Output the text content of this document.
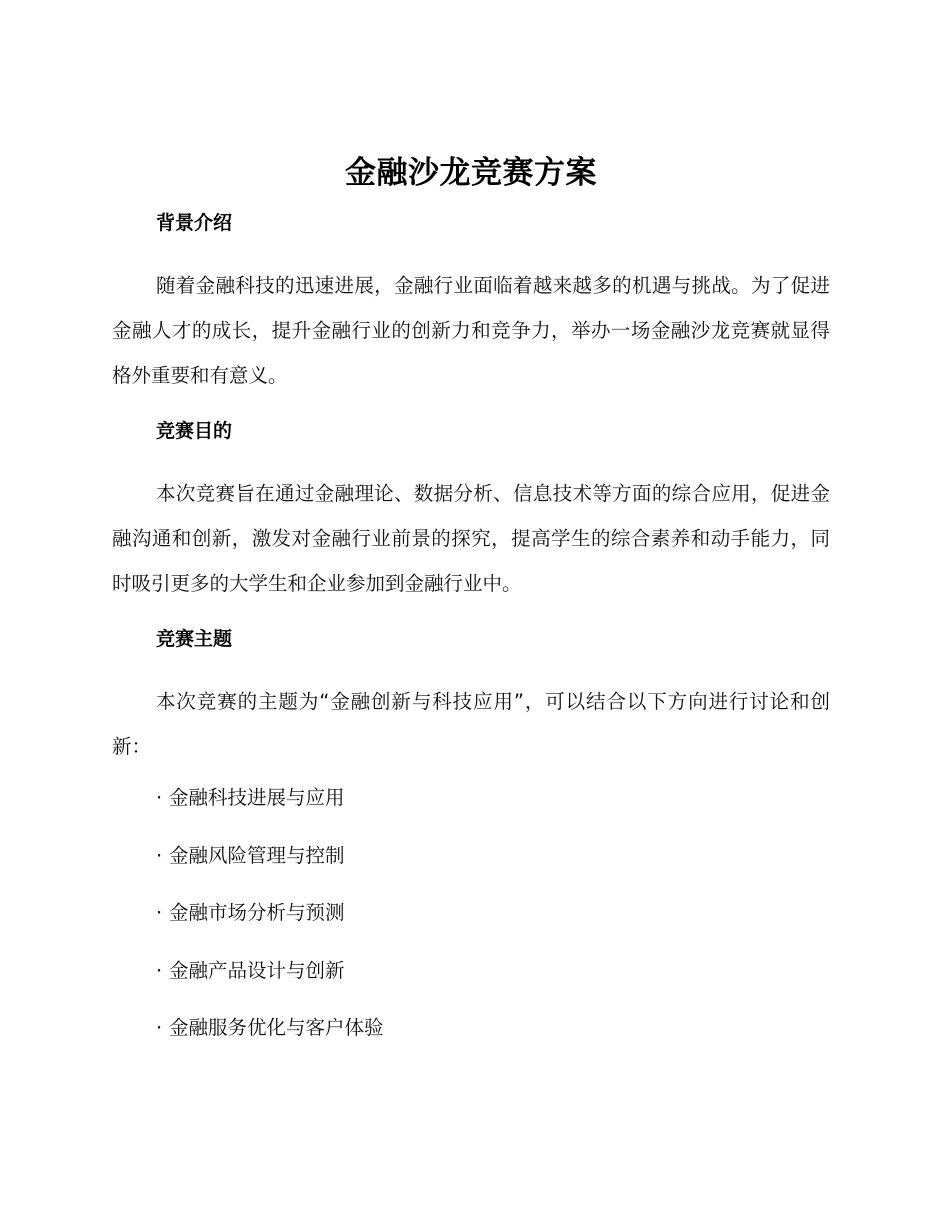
金融沙龙竞赛方案
背景介绍

随着金融科技的迅速进展，金融行业面临着越来越多的机遇与挑战。为了促进金融人才的成长，提升金融行业的创新力和竞争力，举办一场金融沙龙竞赛就显得格外重要和有意义。

竞赛目的

本次竞赛旨在通过金融理论、数据分析、信息技术等方面的综合应用，促进金融沟通和创新，激发对金融行业前景的探究，提高学生的综合素养和动手能力，同时吸引更多的大学生和企业参加到金融行业中。

竞赛主题

本次竞赛的主题为“金融创新与科技应用”，可以结合以下方向进行讨论和创新：

· 金融科技进展与应用
· 金融风险管理与控制
· 金融市场分析与预测
· 金融产品设计与创新
· 金融服务优化与客户体验
